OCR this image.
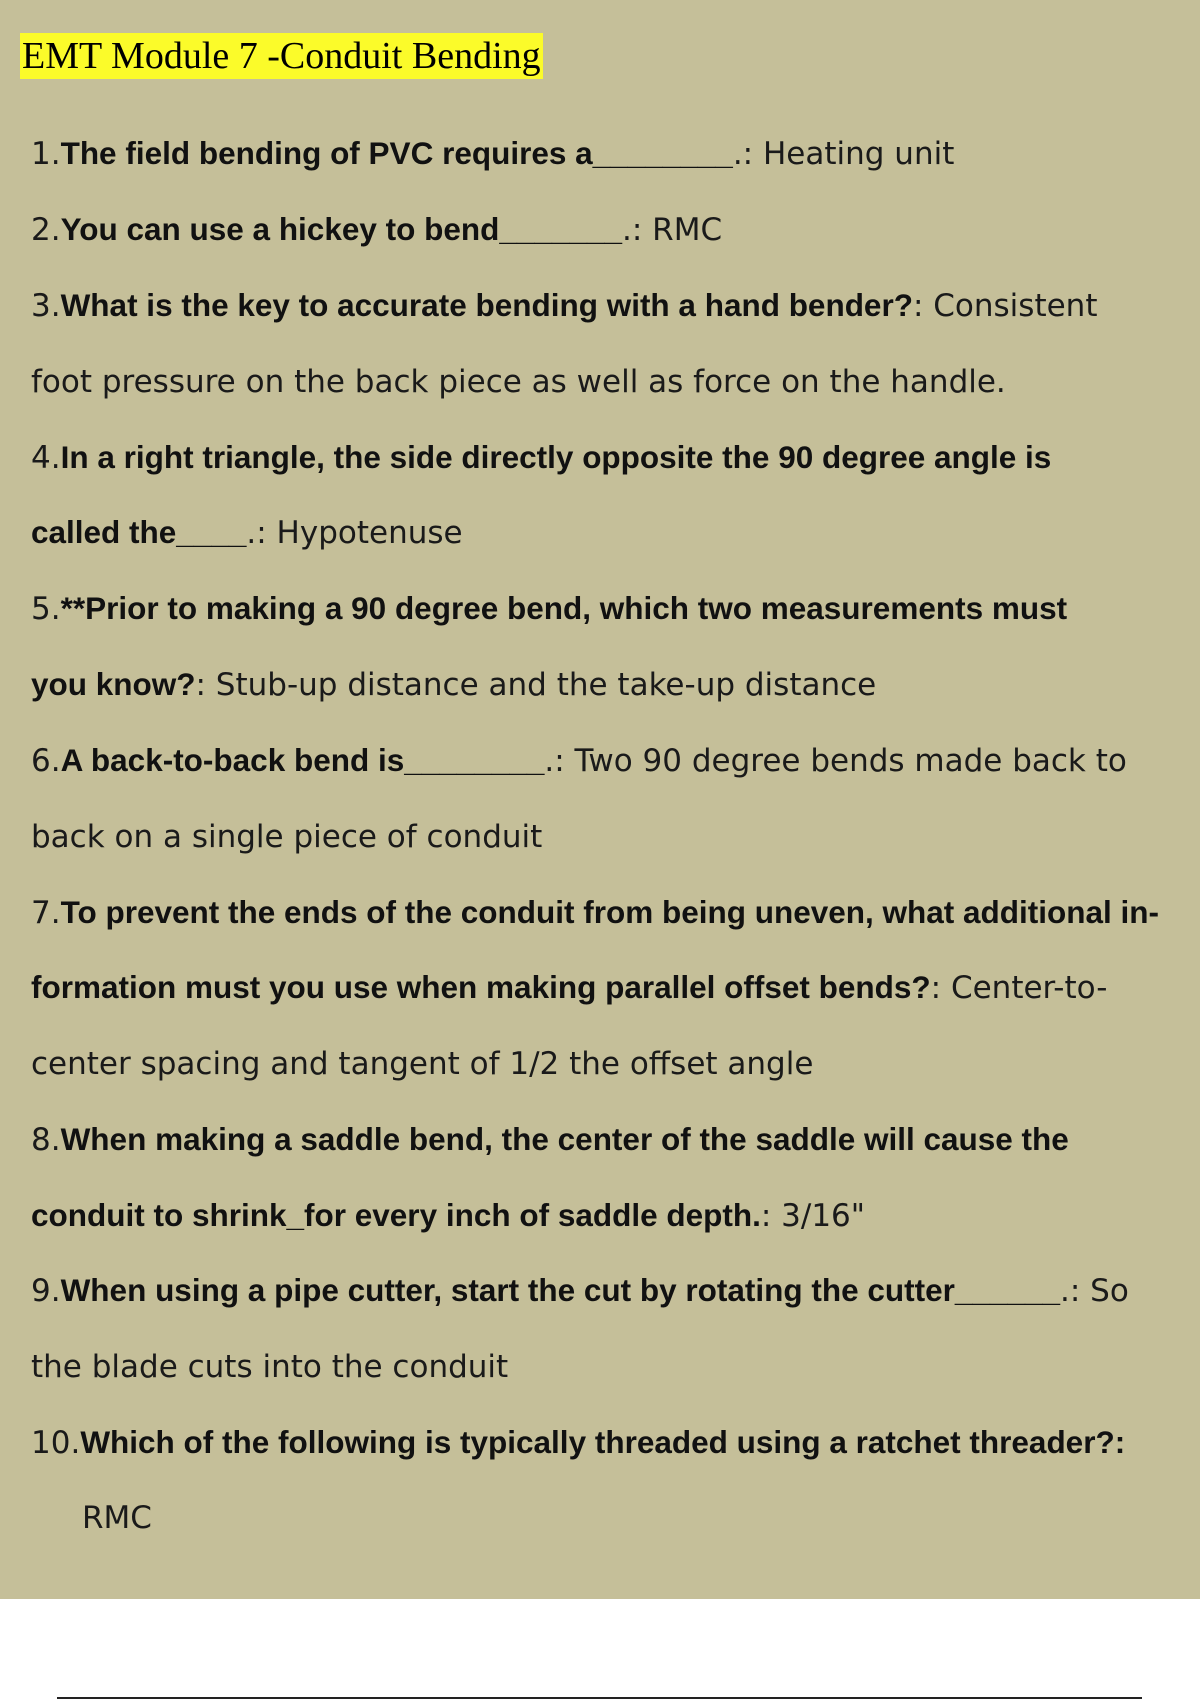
EMT Module 7 -Conduit Bending
1.The field bending of PVC requires a________.: Heating unit
2.You can use a hickey to bend_______.: RMC
3.What is the key to accurate bending with a hand bender?: Consistent
foot pressure on the back piece as well as force on the handle.
4.In a right triangle, the side directly opposite the 90 degree angle is
called the____.: Hypotenuse
5.**Prior to making a 90 degree bend, which two measurements must
you know?: Stub-up distance and the take-up distance
6.A back-to-back bend is________.: Two 90 degree bends made back to
back on a single piece of conduit
7.To prevent the ends of the conduit from being uneven, what additional in-
formation must you use when making parallel offset bends?: Center-to-
center spacing and tangent of 1/2 the offset angle
8.When making a saddle bend, the center of the saddle will cause the
conduit to shrink_for every inch of saddle depth.: 3/16"
9.When using a pipe cutter, start the cut by rotating the cutter______.: So
the blade cuts into the conduit
10.Which of the following is typically threaded using a ratchet threader?:
RMC
